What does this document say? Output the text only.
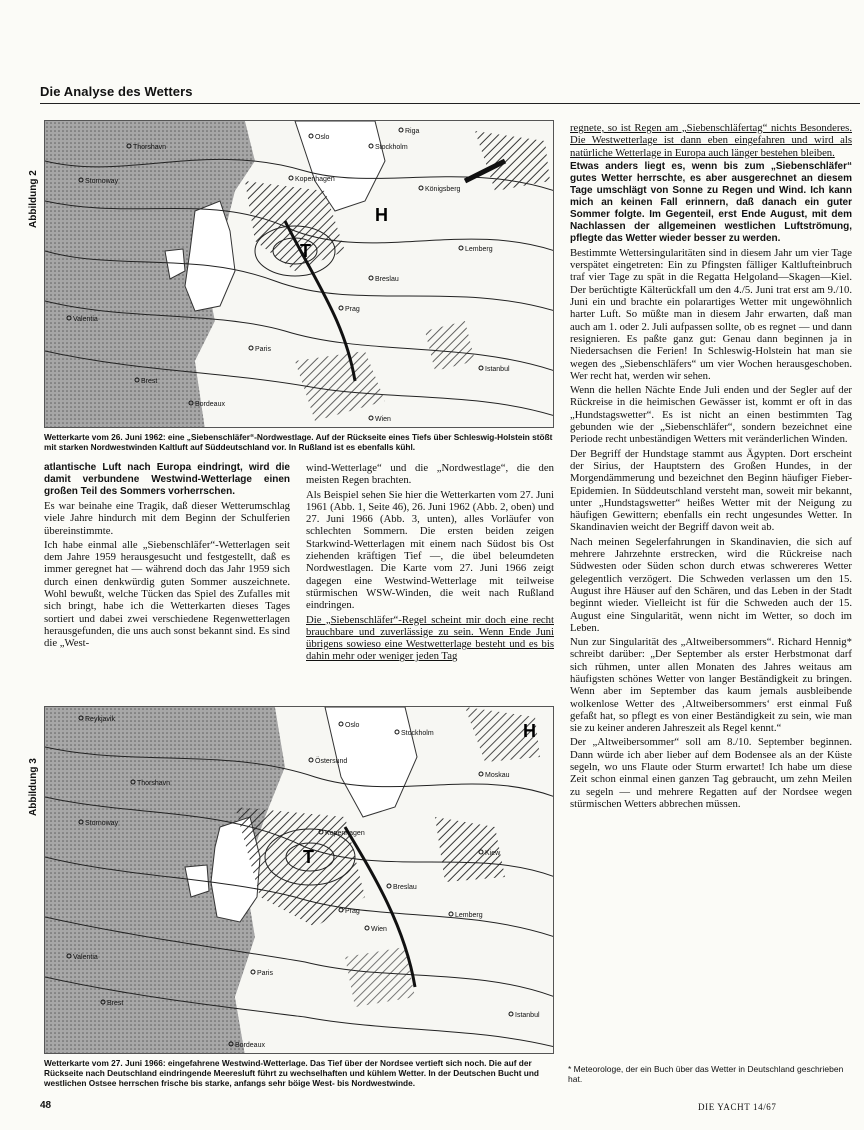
Die Analyse des Wetters
Abbildung 2
T
H
Thorshavn
Stornoway
Valentia
Brest
Bordeaux
Paris
Oslo
Stockholm
Königsberg
Riga
Lemberg
Istanbul
Wien
Prag
Breslau
Kopenhagen
Wetterkarte vom 26. Juni 1962: eine „Siebenschläfer“-Nordwestlage. Auf der Rückseite eines Tiefs über Schleswig-Holstein stößt mit starken Nordwestwinden Kaltluft auf Süddeutschland vor. In Rußland ist es ebenfalls kühl.

atlantische Luft nach Europa eindringt, wird die damit verbundene Westwind-Wetterlage einen großen Teil des Sommers vorherrschen.

Es war beinahe eine Tragik, daß dieser Wetterumschlag viele Jahre hindurch mit dem Beginn der Schulferien übereinstimmte.

Ich habe einmal alle „Siebenschläfer“-Wetterlagen seit dem Jahre 1959 herausgesucht und festgestellt, daß es immer geregnet hat — während doch das Jahr 1959 sich durch einen denkwürdig guten Sommer auszeichnete. Wohl bewußt, welche Tücken das Spiel des Zufalles mit sich bringt, habe ich die Wetterkarten dieses Tages sortiert und dabei zwei verschiedene Regenwetterlagen herausgefunden, die uns auch sonst bekannt sind. Es sind die „West-

wind-Wetterlage“ und die „Nordwestlage“, die den meisten Regen brachten.

Als Beispiel sehen Sie hier die Wetterkarten vom 27. Juni 1961 (Abb. 1, Seite 46), 26. Juni 1962 (Abb. 2, oben) und 27. Juni 1966 (Abb. 3, unten), alles Vorläufer von schlechten Sommern. Die ersten beiden zeigen Starkwind-Wetterlagen mit einem nach Südost bis Ost ziehenden kräftigen Tief —, die übel beleumdeten Nordwestlagen. Die Karte vom 27. Juni 1966 zeigt dagegen eine Westwind-Wetterlage mit teilweise stürmischen WSW-Winden, die weit nach Rußland eindringen.

Die „Siebenschläfer“-Regel scheint mir doch eine recht brauchbare und zuverlässige zu sein. Wenn Ende Juni übrigens sowieso eine Westwetterlage besteht und es bis dahin mehr oder weniger jeden Tag

Abbildung 3
T
H
Reykjavik
Thorshavn
Stornoway
Valentia
Brest
Paris
Bordeaux
Oslo
Östersund
Stockholm
Kopenhagen
Breslau
Prag
Wien
Moskau
Kiew
Lemberg
Istanbul
Wetterkarte vom 27. Juni 1966: eingefahrene Westwind-Wetterlage. Das Tief über der Nordsee vertieft sich noch. Die auf der Rückseite nach Deutschland eindringende Meeresluft führt zu wechselhaften und kühlem Wetter. In der Deutschen Bucht und westlichen Ostsee herrschen frische bis starke, anfangs sehr böige West- bis Nordwestwinde.

regnete, so ist Regen am „Siebenschläfertag“ nichts Besonderes. Die Westwetterlage ist dann eben eingefahren und wird als natürliche Wetterlage in Europa auch länger bestehen bleiben.

Etwas anders liegt es, wenn bis zum „Siebenschläfer“ gutes Wetter herrschte, es aber ausgerechnet an diesem Tage umschlägt von Sonne zu Regen und Wind. Ich kann mich an keinen Fall erinnern, daß danach ein guter Sommer folgte. Im Gegenteil, erst Ende August, mit dem Nachlassen der allgemeinen westlichen Luftströmung, pflegte das Wetter wieder besser zu werden.

Bestimmte Wettersingularitäten sind in diesem Jahr um vier Tage verspätet eingetreten: Ein zu Pfingsten fälliger Kaltlufteinbruch traf vier Tage zu spät in die Regatta Helgoland—Skagen—Kiel. Der berüchtigte Kälterückfall um den 4./5. Juni trat erst am 9./10. Juni ein und brachte ein polarartiges Wetter mit ungewöhnlich harter Luft. So müßte man in diesem Jahr erwarten, daß man auch am 1. oder 2. Juli aufpassen sollte, ob es regnet — und dann resignieren. Es paßte ganz gut: Genau dann beginnen ja in Niedersachsen die Ferien! In Schleswig-Holstein hat man sie wegen des „Siebenschläfers“ um vier Wochen herausgeschoben. Wer recht hat, werden wir sehen.

Wenn die hellen Nächte Ende Juli enden und der Segler auf der Rückreise in die heimischen Gewässer ist, kommt er oft in das „Hundstagswetter“. Es ist nicht an einen bestimmten Tag gebunden wie der „Siebenschläfer“, sondern bezeichnet eine Periode recht unbeständigen Wetters mit veränderlichen Winden.

Der Begriff der Hundstage stammt aus Ägypten. Dort erscheint der Sirius, der Hauptstern des Großen Hundes, in der Morgendämmerung und bezeichnet den Beginn häufiger Fieber-Epidemien. In Süddeutschland versteht man, soweit mir bekannt, unter „Hundstagswetter“ heißes Wetter mit der Neigung zu häufigen Gewittern; ebenfalls ein recht ungesundes Wetter. In Skandinavien weicht der Begriff davon weit ab.

Nach meinen Segelerfahrungen in Skandinavien, die sich auf mehrere Jahrzehnte erstrecken, wird die Rückreise nach Südwesten oder Süden schon durch etwas schwereres Wetter gelegentlich verzögert. Die Schweden verlassen um den 15. August ihre Häuser auf den Schären, und das Leben in der Stadt beginnt wieder. Vielleicht ist für die Schweden auch der 15. August eine Singularität, wenn nicht im Wetter, so doch im Leben.

Nun zur Singularität des „Altweibersommers“. Richard Hennig* schreibt darüber: „Der September als erster Herbstmonat darf sich rühmen, unter allen Monaten des Jahres weitaus am häufigsten schönes Wetter von langer Beständigkeit zu bringen. Wenn aber im September das kaum jemals ausbleibende wolkenlose Wetter des ‚Altweibersommers‘ erst einmal Fuß gefaßt hat, so pflegt es von einer Beständigkeit zu sein, wie man sie zu keiner anderen Jahreszeit als Regel kennt.“

Der „Altweibersommer“ soll am 8./10. September beginnen. Dann würde ich aber lieber auf dem Bodensee als an der Küste segeln, wo uns Flaute oder Sturm erwartet! Ich habe um diese Zeit schon einmal einen ganzen Tag gebraucht, um zehn Meilen zu segeln — und mehrere Regatten auf der Nordsee wegen stürmischen Wetters abbrechen müssen.

* Meteorologe, der ein Buch über das Wetter in Deutschland geschrieben hat.
48	DIE YACHT 14/67
